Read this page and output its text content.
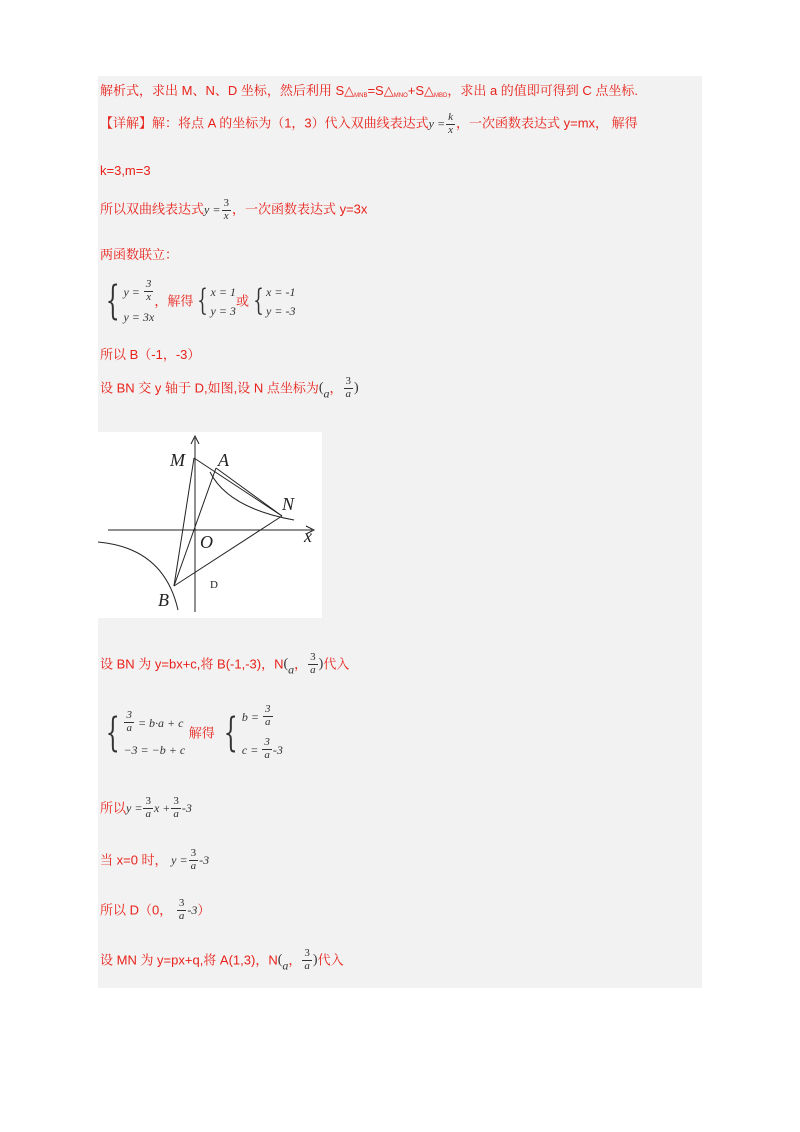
解析式，求出 M、N、D 坐标，然后利用 $S\triangle_{MNB}=S\triangle_{MNO}+S\triangle_{MBD}$，求出 a 的值即可得到 C 点坐标.
【详解】解：将点 A 的坐标为（1，3）代入双曲线表达式$y = \frac{k}{x}$ ，一次函数表达式 y=mx， 解得
k=3,m=3
所以双曲线表达式$y = \frac{3}{x}$ ，一次函数表达式 y=3x
两函数联立：
{ y =
$\frac{3}{x}$
y = 3x
，解得 { x = 1
y = 3
或 { x = -1
y = -3
所以 B（-1，-3）
设 BN 交 y 轴于 D,如图,设 N 点坐标为(a， $\frac{3}{a}$ )
M A
N
O	x
B
D
设 BN 为 y=bx+c,将 B(-1,-3)，N(a， $\frac{3}{a}$ )代入
{ $\frac{3}{a}$
= b·a + c
−3 = −b + c
解得 { b =
$\frac{3}{a}$
c =
$\frac{3}{a} -3$
所以$y = \frac{3}{a}$ $x + \frac{3}{a} -3$
当 x=0 时， $y = \frac{3}{a} -3$
所以 D（0， $\frac{3}{a} -3$）
设 MN 为 y=px+q,将 A(1,3)，N(a， $\frac{3}{a}$ )代入
